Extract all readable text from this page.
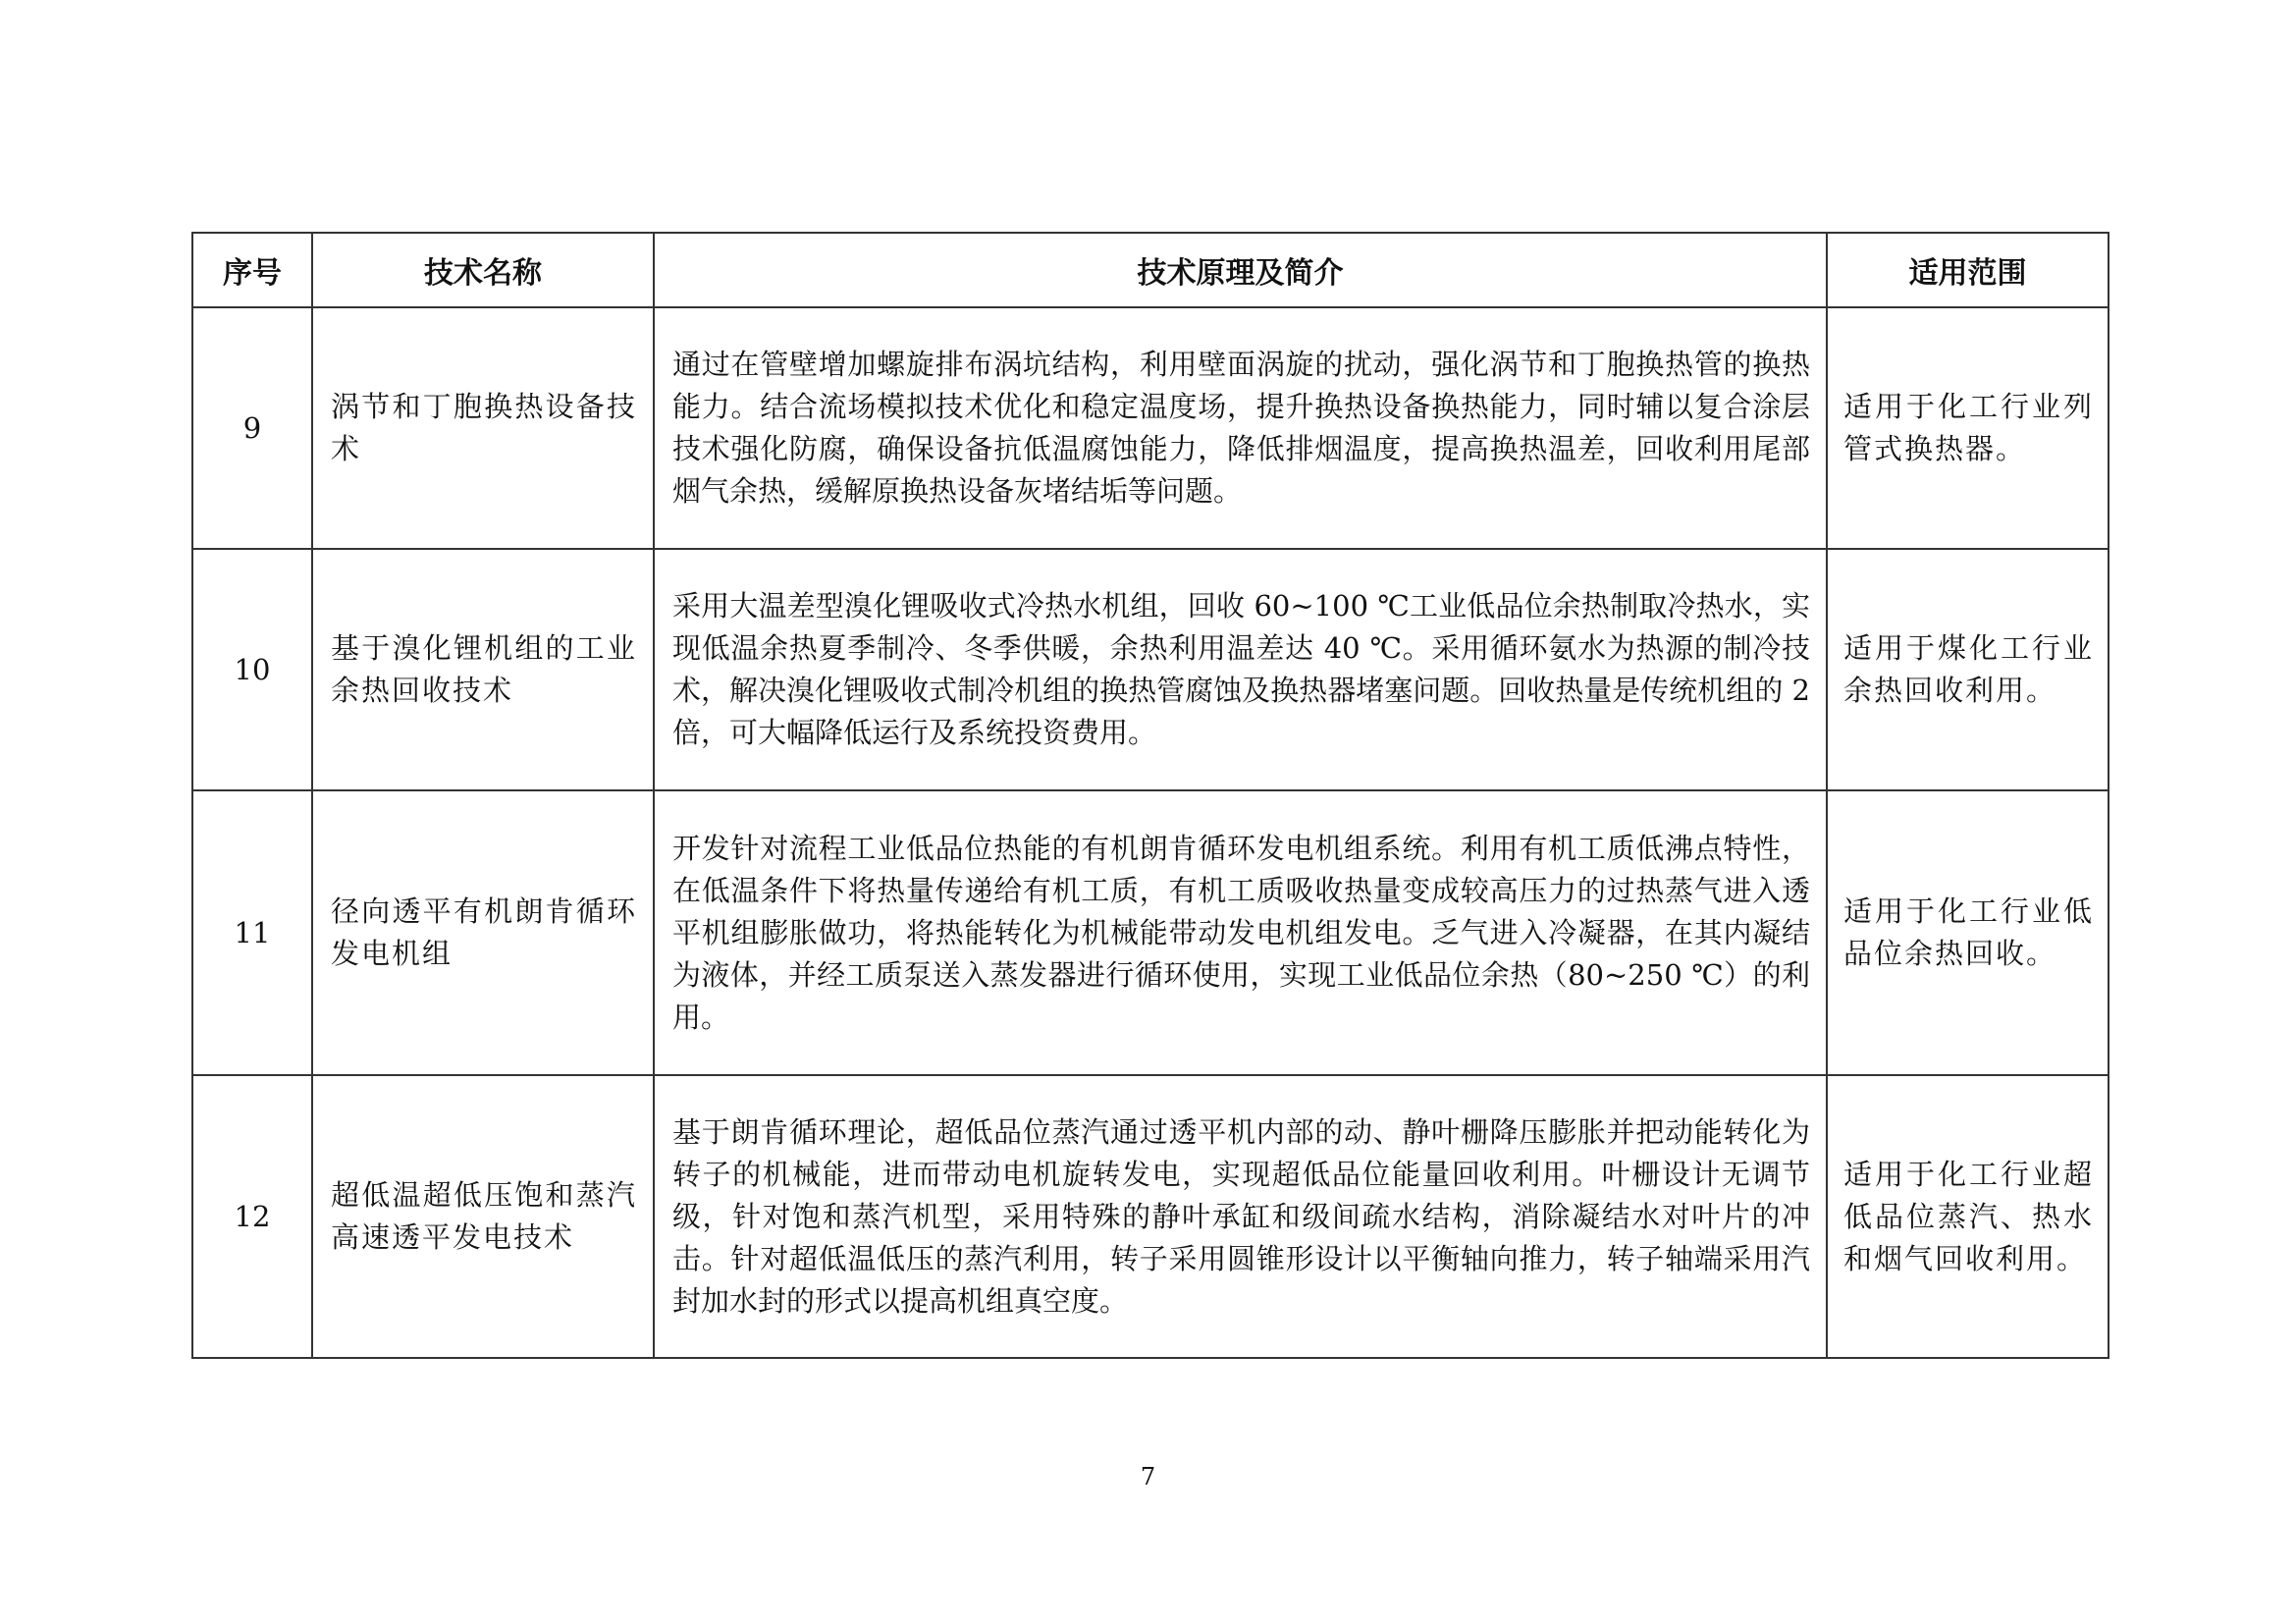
序号	技术名称	技术原理及简介	适用范围
9	涡节和丁胞换热设备技术	通过在管壁增加螺旋排布涡坑结构，利用壁面涡旋的扰动，强化涡节和丁胞换热管的换热能力。结合流场模拟技术优化和稳定温度场，提升换热设备换热能力，同时辅以复合涂层技术强化防腐，确保设备抗低温腐蚀能力，降低排烟温度，提高换热温差，回收利用尾部烟气余热，缓解原换热设备灰堵结垢等问题。	适用于化工行业列管式换热器。
10	基于溴化锂机组的工业余热回收技术	采用大温差型溴化锂吸收式冷热水机组，回收 60~100 ℃工业低品位余热制取冷热水，实现低温余热夏季制冷、冬季供暖，余热利用温差达 40 ℃。采用循环氨水为热源的制冷技术，解决溴化锂吸收式制冷机组的换热管腐蚀及换热器堵塞问题。回收热量是传统机组的 2 倍，可大幅降低运行及系统投资费用。	适用于煤化工行业余热回收利用。
11	径向透平有机朗肯循环发电机组	开发针对流程工业低品位热能的有机朗肯循环发电机组系统。利用有机工质低沸点特性，在低温条件下将热量传递给有机工质，有机工质吸收热量变成较高压力的过热蒸气进入透平机组膨胀做功，将热能转化为机械能带动发电机组发电。乏气进入冷凝器，在其内凝结为液体，并经工质泵送入蒸发器进行循环使用，实现工业低品位余热（80~250 ℃）的利用。	适用于化工行业低品位余热回收。
12	超低温超低压饱和蒸汽高速透平发电技术	基于朗肯循环理论，超低品位蒸汽通过透平机内部的动、静叶栅降压膨胀并把动能转化为转子的机械能，进而带动电机旋转发电，实现超低品位能量回收利用。叶栅设计无调节级，针对饱和蒸汽机型，采用特殊的静叶承缸和级间疏水结构，消除凝结水对叶片的冲击。针对超低温低压的蒸汽利用，转子采用圆锥形设计以平衡轴向推力，转子轴端采用汽封加水封的形式以提高机组真空度。	适用于化工行业超低品位蒸汽、热水和烟气回收利用。
7
